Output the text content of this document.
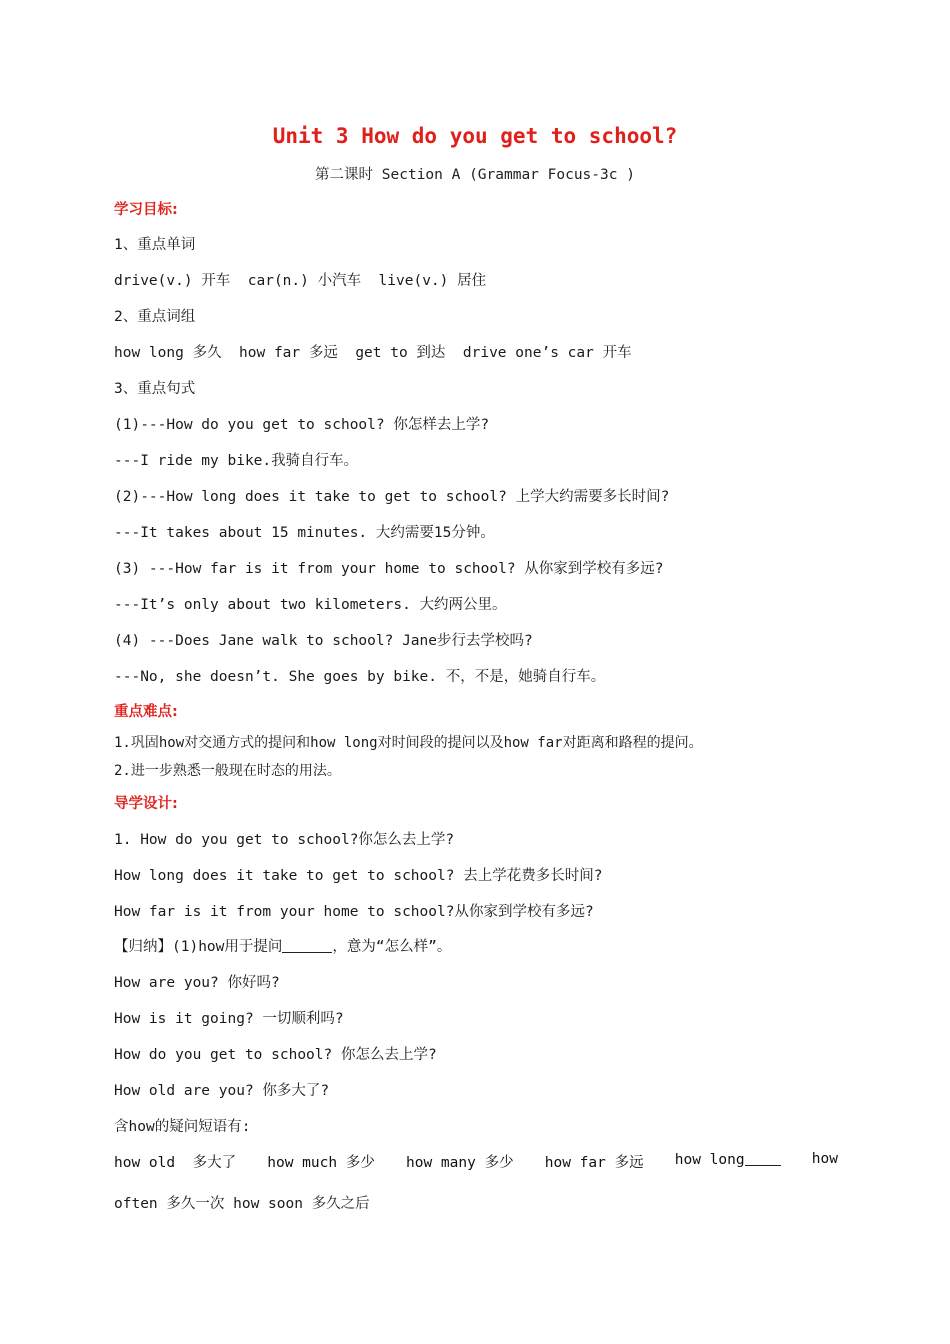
Unit 3 How do you get to school?
第二课时 Section A (Grammar Focus-3c )
学习目标:
1、重点单词
drive(v.) 开车  car(n.) 小汽车  live(v.) 居住
2、重点词组
how long 多久  how far 多远  get to 到达  drive one’s car 开车
3、重点句式
(1)---How do you get to school? 你怎样去上学?
---I ride my bike.我骑自行车。
(2)---How long does it take to get to school? 上学大约需要多长时间?
---It takes about 15 minutes. 大约需要15分钟。
(3) ---How far is it from your home to school? 从你家到学校有多远?
---It’s only about two kilometers. 大约两公里。
(4) ---Does Jane walk to school? Jane步行去学校吗?
---No, she doesn’t. She goes by bike. 不，不是，她骑自行车。
重点难点:
1.巩固how对交通方式的提问和how long对时间段的提问以及how far对距离和路程的提问。
2.进一步熟悉一般现在时态的用法。
导学设计:
1. How do you get to school?你怎么去上学?
How long does it take to get to school? 去上学花费多长时间?
How far is it from your home to school?从你家到学校有多远?
【归纳】(1)how用于提问	，意为“怎么样”。
How are you? 你好吗?
How is it going? 一切顺利吗?
How do you get to school? 你怎么去上学?
How old are you? 你多大了?
含how的疑问短语有:
how old  多大了 how much 多少 how many 多少 how far 多远 how long	how
often 多久一次 how soon 多久之后
